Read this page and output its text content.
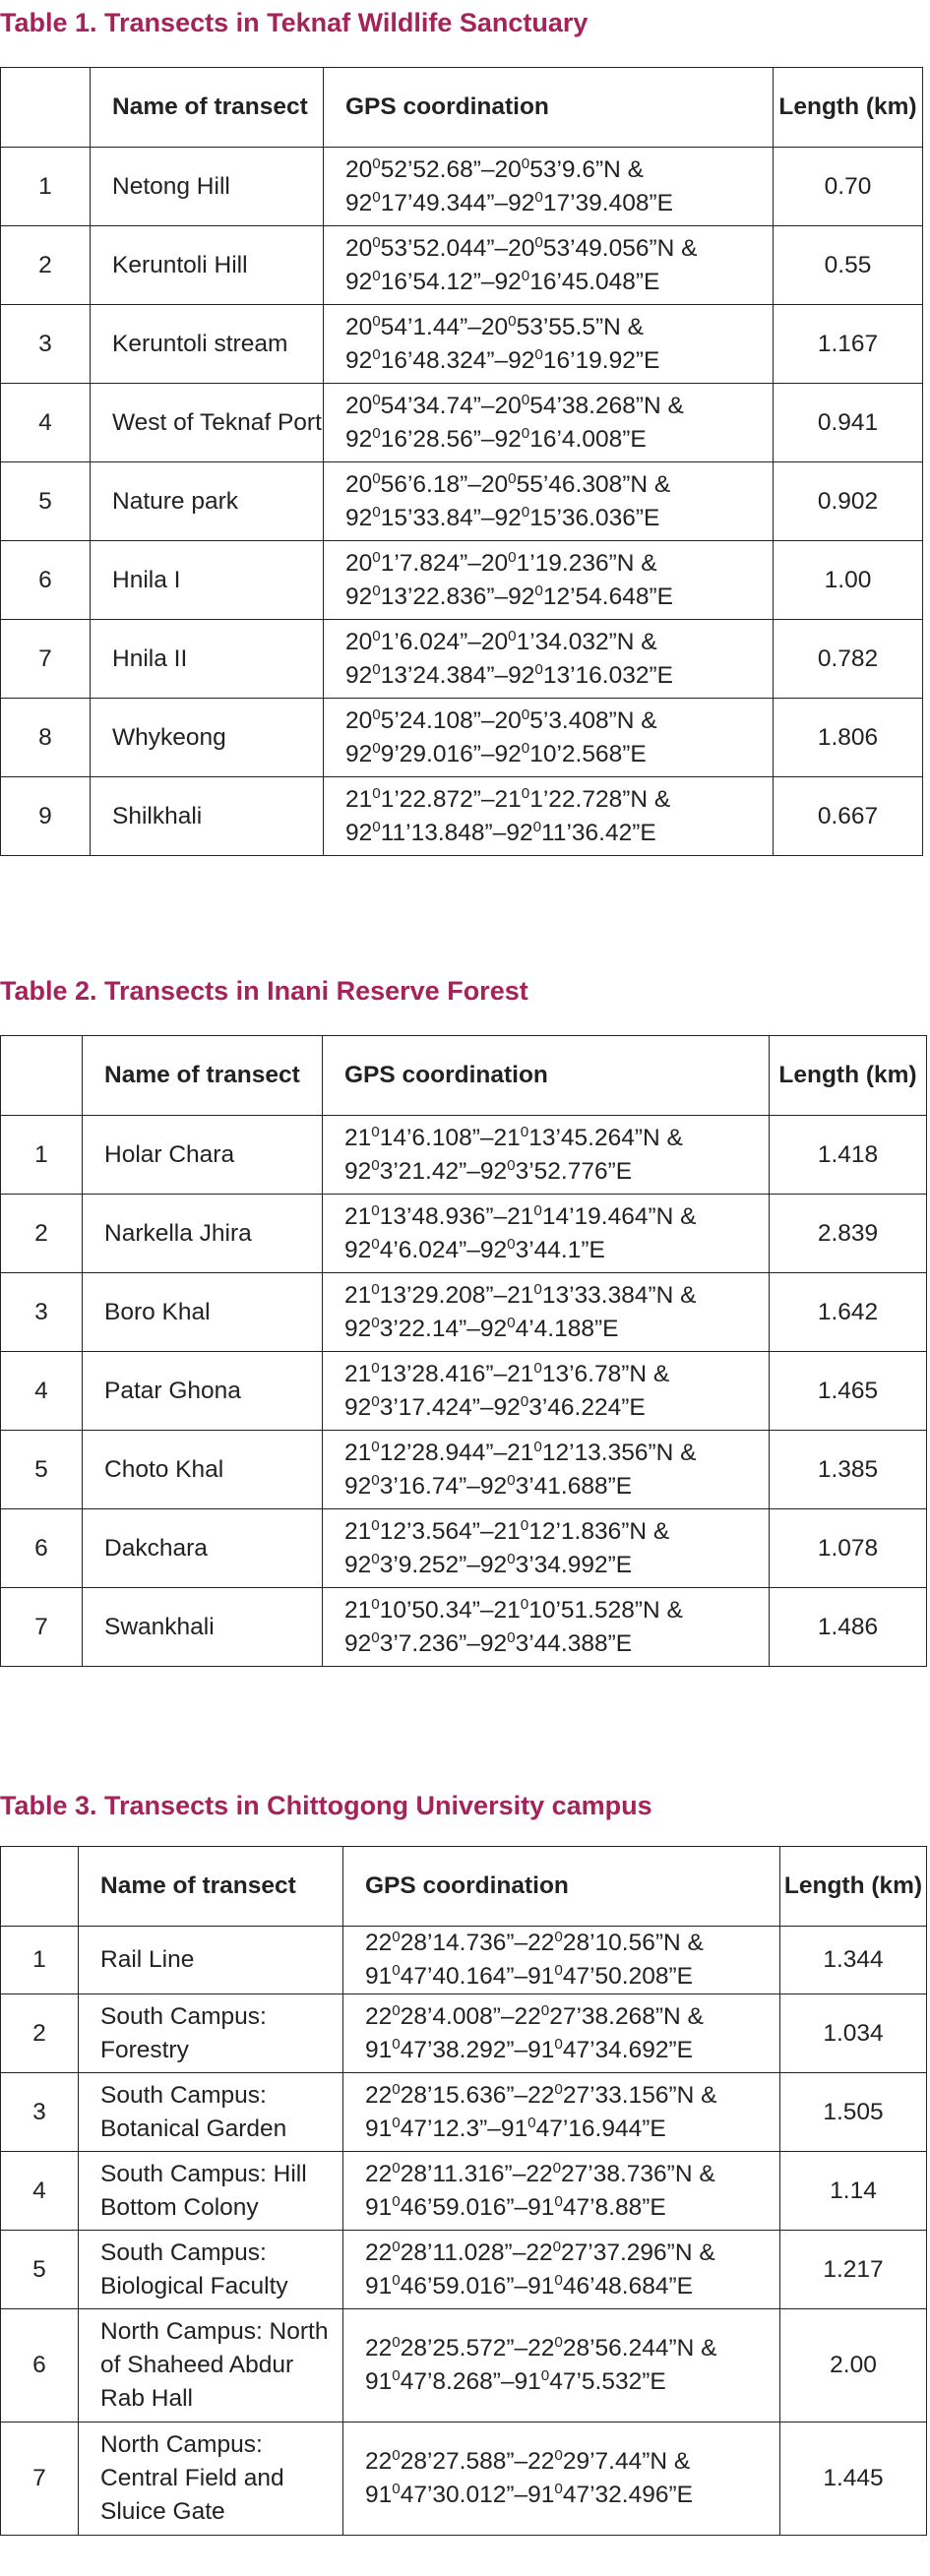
Table 1. Transects in Teknaf Wildlife Sanctuary
	Name of transect	GPS coordination	Length (km)
1	Netong Hill	$20^052’52.68”-20^053’9.6”N$ &
$92^017’49.344”-92^017’39.408”E$	0.70
2	Keruntoli Hill	$20^053’52.044”-20^053’49.056”N$ &
$92^016’54.12”-92^016’45.048”E$	0.55
3	Keruntoli stream	$20^054’1.44”-20^053’55.5”N$ &
$92^016’48.324”-92^016’19.92”E$	1.167
4	West of Teknaf Port	$20^054’34.74”-20^054’38.268”N$ &
$92^016’28.56”-92^016’4.008”E$	0.941
5	Nature park	$20^056’6.18”-20^055’46.308”N$ &
$92^015’33.84”-92^015’36.036”E$	0.902
6	Hnila I	$20^01’7.824”-20^01’19.236”N$ &
$92^013’22.836”-92^012’54.648”E$	1.00
7	Hnila II	$20^01’6.024”-20^01’34.032”N$ &
$92^013’24.384”-92^013’16.032”E$	0.782
8	Whykeong	$20^05’24.108”-20^05’3.408”N$ &
$92^09’29.016”-92^010’2.568”E$	1.806
9	Shilkhali	$21^01’22.872”-21^01’22.728”N$ &
$92^011’13.848”-92^011’36.42”E$	0.667
Table 2. Transects in Inani Reserve Forest
	Name of transect	GPS coordination	Length (km)
1	Holar Chara	$21^014’6.108”-21^013’45.264”N$ &
$92^03’21.42”-92^03’52.776”E$	1.418
2	Narkella Jhira	$21^013’48.936”-21^014’19.464”N$ &
$92^04’6.024”-92^03’44.1”E$	2.839
3	Boro Khal	$21^013’29.208”-21^013’33.384”N$ &
$92^03’22.14”-92^04’4.188”E$	1.642
4	Patar Ghona	$21^013’28.416”-21^013’6.78”N$ &
$92^03’17.424”-92^03’46.224”E$	1.465
5	Choto Khal	$21^012’28.944”-21^012’13.356”N$ &
$92^03’16.74”-92^03’41.688”E$	1.385
6	Dakchara	$21^012’3.564”-21^012’1.836”N$ &
$92^03’9.252”-92^03’34.992”E$	1.078
7	Swankhali	$21^010’50.34”-21^010’51.528”N$ &
$92^03’7.236”-92^03’44.388”E$	1.486
Table 3. Transects in Chittogong University campus
	Name of transect	GPS coordination	Length (km)
1	Rail Line	$22^028’14.736”-22^028’10.56”N$ &
$91^047’40.164”-91^047’50.208”E$	1.344
2	South Campus: Forestry	$22^028’4.008”-22^027’38.268”N$ &
$91^047’38.292”-91^047’34.692”E$	1.034
3	South Campus: Botanical Garden	$22^028’15.636”-22^027’33.156”N$ &
$91^047’12.3”-91^047’16.944”E$	1.505
4	South Campus: Hill Bottom Colony	$22^028’11.316”-22^027’38.736”N$ &
$91^046’59.016”-91^047’8.88”E$	1.14
5	South Campus: Biological Faculty	$22^028’11.028”-22^027’37.296”N$ &
$91^046’59.016”-91^046’48.684”E$	1.217
6	North Campus: North of Shaheed Abdur Rab Hall	$22^028’25.572”-22^028’56.244”N$ &
$91^047’8.268”-91^047’5.532”E$	2.00
7	North Campus: Central Field and Sluice Gate	$22^028’27.588”-22^029’7.44”N$ &
$91^047’30.012”-91^047’32.496”E$	1.445
